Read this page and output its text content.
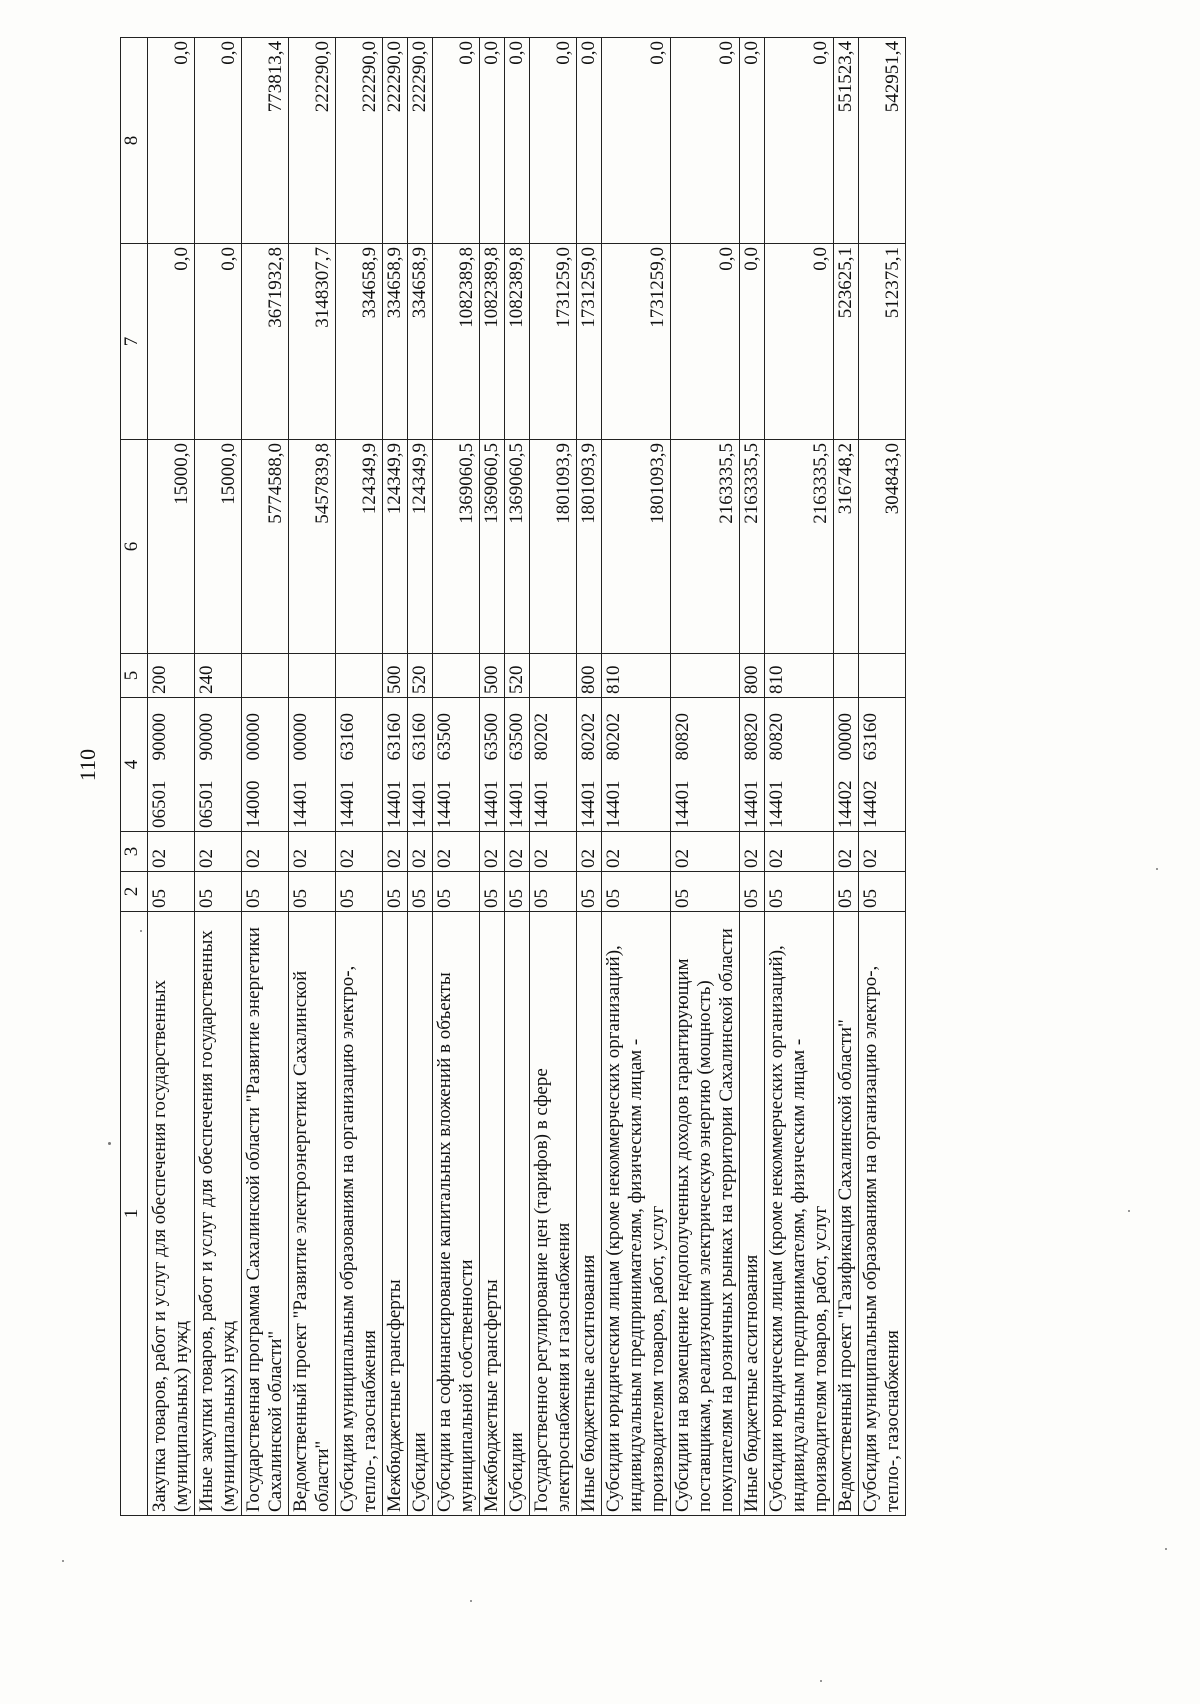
110
1	2	3	4		5	6	7	8
Закупка товаров, работ и услуг для обеспечения государственных (муниципальных) нужд	05	02	06501	90000	200	15000,0	0,0	0,0
Иные закупки товаров, работ и услуг для обеспечения государственных (муниципальных) нужд	05	02	06501	90000	240	15000,0	0,0	0,0
Государственная программа Сахалинской области "Развитие энергетики Сахалинской области"	05	02	14000	00000		5774588,0	3671932,8	773813,4
Ведомственный проект "Развитие электроэнергетики Сахалинской области"	05	02	14401	00000		5457839,8	3148307,7	222290,0
Субсидия муниципальным образованиям на организацию электро-, тепло-, газоснабжения	05	02	14401	63160		124349,9	334658,9	222290,0
Межбюджетные трансферты	05	02	14401	63160	500	124349,9	334658,9	222290,0
Субсидии	05	02	14401	63160	520	124349,9	334658,9	222290,0
Субсидии на софинансирование капитальных вложений в объекты муниципальной собственности	05	02	14401	63500		1369060,5	1082389,8	0,0
Межбюджетные трансферты	05	02	14401	63500	500	1369060,5	1082389,8	0,0
Субсидии	05	02	14401	63500	520	1369060,5	1082389,8	0,0
Государственное регулирование цен (тарифов) в сфере электроснабжения и газоснабжения	05	02	14401	80202		1801093,9	1731259,0	0,0
Иные бюджетные ассигнования	05	02	14401	80202	800	1801093,9	1731259,0	0,0
Субсидии юридическим лицам (кроме некоммерческих организаций), индивидуальным предпринимателям, физическим лицам - производителям товаров, работ, услуг	05	02	14401	80202	810	1801093,9	1731259,0	0,0
Субсидии на возмещение недополученных доходов гарантирующим поставщикам, реализующим электрическую энергию (мощность) покупателям на розничных рынках на территории Сахалинской области	05	02	14401	80820		2163335,5	0,0	0,0
Иные бюджетные ассигнования	05	02	14401	80820	800	2163335,5	0,0	0,0
Субсидии юридическим лицам (кроме некоммерческих организаций), индивидуальным предпринимателям, физическим лицам - производителям товаров, работ, услуг	05	02	14401	80820	810	2163335,5	0,0	0,0
Ведомственный проект "Газификация Сахалинской области"	05	02	14402	00000		316748,2	523625,1	551523,4
Субсидия муниципальным образованиям на организацию электро-, тепло-, газоснабжения	05	02	14402	63160		304843,0	512375,1	542951,4
